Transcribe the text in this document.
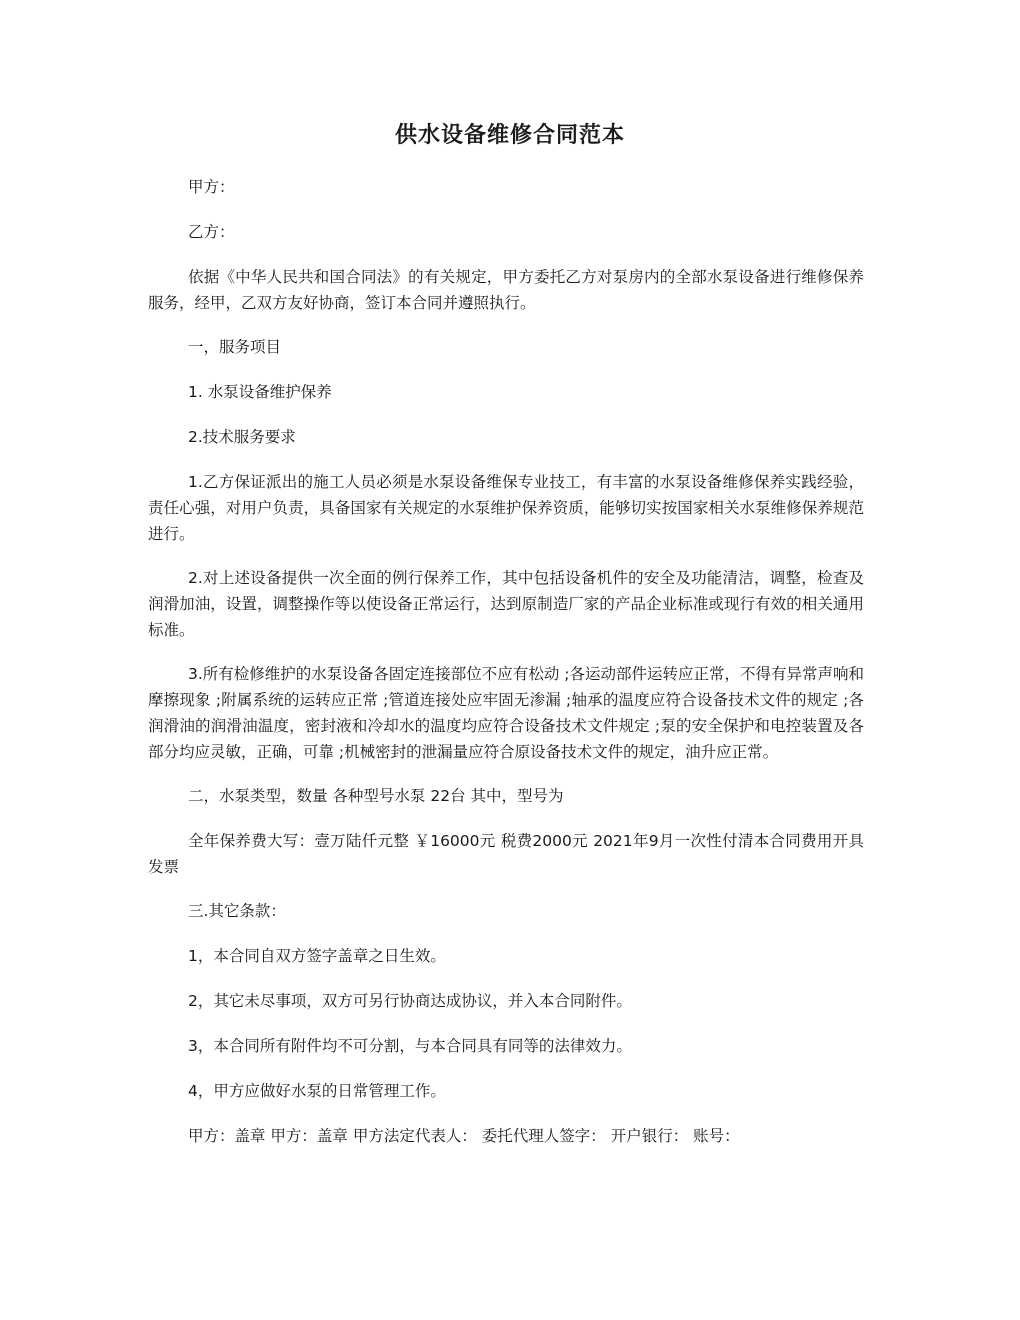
供水设备维修合同范本

甲方：

乙方：

依据《中华人民共和国合同法》的有关规定，甲方委托乙方对泵房内的全部水泵设备进行维修保养服务，经甲，乙双方友好协商，签订本合同并遵照执行。

一，服务项目

1. 水泵设备维护保养

2.技术服务要求

1.乙方保证派出的施工人员必须是水泵设备维保专业技工，有丰富的水泵设备维修保养实践经验，责任心强，对用户负责，具备国家有关规定的水泵维护保养资质，能够切实按国家相关水泵维修保养规范进行。

2.对上述设备提供一次全面的例行保养工作，其中包括设备机件的安全及功能清洁，调整，检查及润滑加油，设置，调整操作等以使设备正常运行，达到原制造厂家的产品企业标准或现行有效的相关通用标准。

3.所有检修维护的水泵设备各固定连接部位不应有松动 ;各运动部件运转应正常，不得有异常声响和摩擦现象 ;附属系统的运转应正常 ;管道连接处应牢固无渗漏 ;轴承的温度应符合设备技术文件的规定 ;各润滑油的润滑油温度，密封液和冷却水的温度均应符合设备技术文件规定 ;泵的安全保护和电控装置及各部分均应灵敏，正确，可靠 ;机械密封的泄漏量应符合原设备技术文件的规定，油升应正常。

二，水泵类型，数量 各种型号水泵 22台 其中，型号为

全年保养费大写：壹万陆仟元整 ￥16000元 税费2000元 2021年9月一次性付清本合同费用开具发票

三.其它条款：

1，本合同自双方签字盖章之日生效。

2，其它未尽事项，双方可另行协商达成协议，并入本合同附件。

3，本合同所有附件均不可分割，与本合同具有同等的法律效力。

4，甲方应做好水泵的日常管理工作。

甲方：盖章 甲方：盖章 甲方法定代表人： 委托代理人签字： 开户银行： 账号：
